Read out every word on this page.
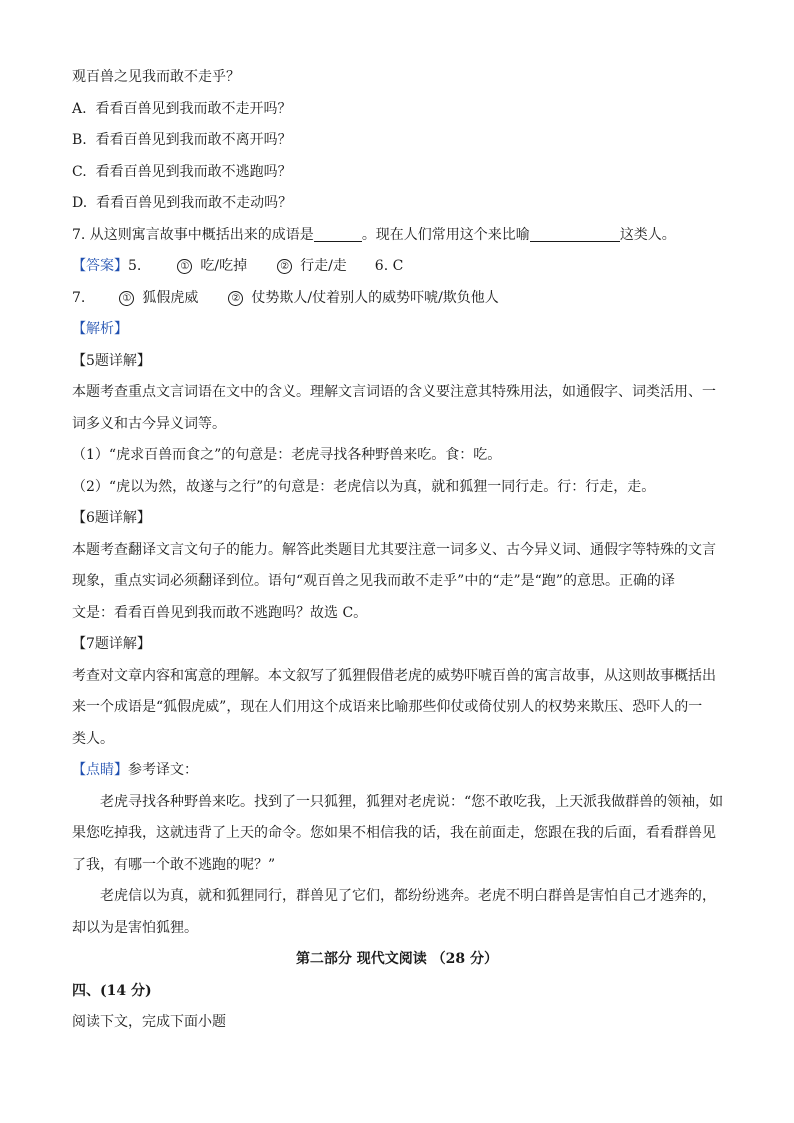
观百兽之见我而敢不走乎？
A. 看看百兽见到我而敢不走开吗？
B. 看看百兽见到我而敢不离开吗？
C. 看看百兽见到我而敢不逃跑吗？
D. 看看百兽见到我而敢不走动吗？
7. 从这则寓言故事中概括出来的成语是	。现在人们常用这个来比喻	这类人。
【答案】5.	① 吃/吃掉	② 行走/走 6. C
7.	① 狐假虎威	② 仗势欺人/仗着别人的威势吓唬/欺负他人
【解析】
【5题详解】
本题考查重点文言词语在文中的含义。理解文言词语的含义要注意其特殊用法，如通假字、词类活用、一
词多义和古今异义词等。
（1）“虎求百兽而食之”的句意是：老虎寻找各种野兽来吃。食：吃。
（2）“虎以为然，故遂与之行”的句意是：老虎信以为真，就和狐狸一同行走。行：行走，走。
【6题详解】
本题考查翻译文言文句子的能力。解答此类题目尤其要注意一词多义、古今异义词、通假字等特殊的文言
现象，重点实词必须翻译到位。语句“观百兽之见我而敢不走乎”中的“走”是“跑”的意思。正确的译
文是：看看百兽见到我而敢不逃跑吗？故选 C。
【7题详解】
考查对文章内容和寓意的理解。本文叙写了狐狸假借老虎的威势吓唬百兽的寓言故事，从这则故事概括出
来一个成语是“狐假虎威”，现在人们用这个成语来比喻那些仰仗或倚仗别人的权势来欺压、恐吓人的一
类人。
【点睛】参考译文：
老虎寻找各种野兽来吃。找到了一只狐狸，狐狸对老虎说：“您不敢吃我，上天派我做群兽的领袖，如
果您吃掉我，这就违背了上天的命令。您如果不相信我的话，我在前面走，您跟在我的后面，看看群兽见
了我，有哪一个敢不逃跑的呢？”
老虎信以为真，就和狐狸同行，群兽见了它们，都纷纷逃奔。老虎不明白群兽是害怕自己才逃奔的，
却以为是害怕狐狸。
第二部分 现代文阅读 （28 分）
四、(14 分)
阅读下文，完成下面小题
